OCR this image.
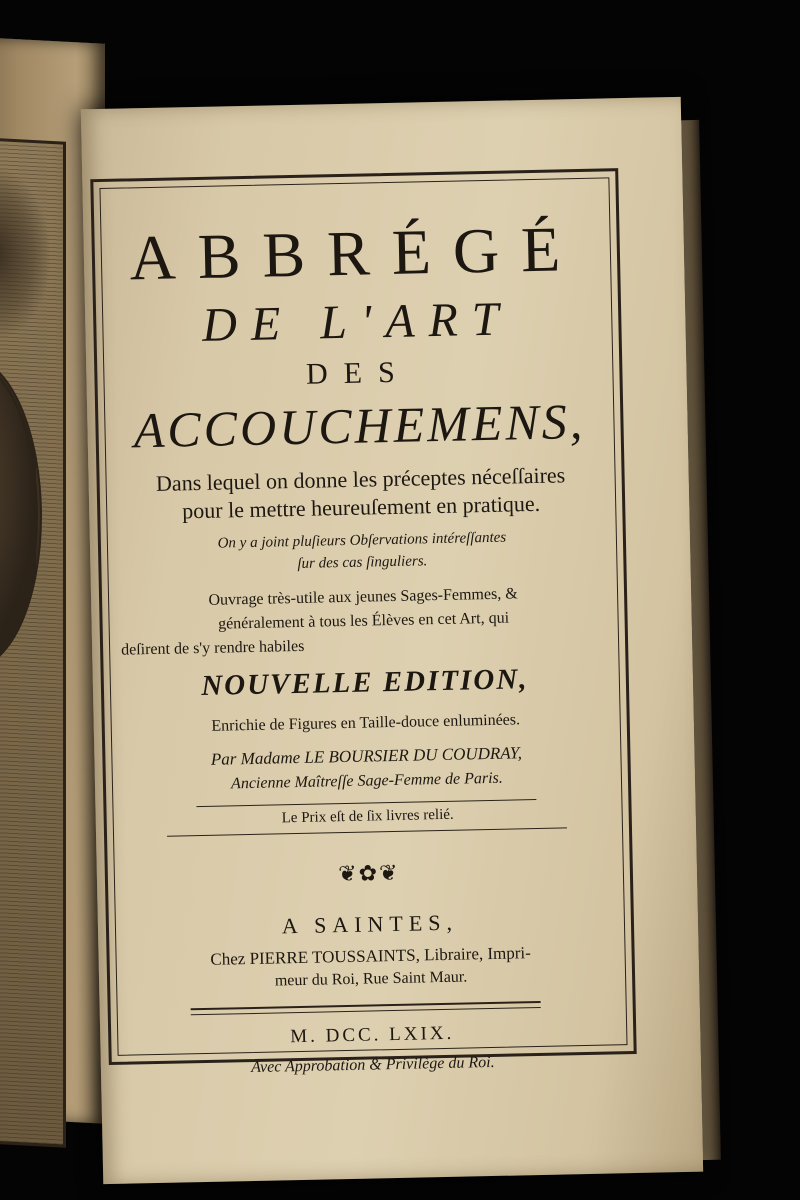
ABBRÉGÉ
DE L'ART
DES
ACCOUCHEMENS,
Dans lequel on donne les préceptes néceſſaires
pour le mettre heureuſement en pratique.
On y a joint pluſieurs Obſervations intéreſſantes
ſur des cas ſinguliers.
Ouvrage très-utile aux jeunes Sages-Femmes, &
généralement à tous les Élèves en cet Art, qui
deſirent de s'y rendre habiles
NOUVELLE EDITION,
Enrichie de Figures en Taille-douce enluminées.
Par Madame LE BOURSIER DU COUDRAY,
Ancienne Maîtreſſe Sage-Femme de Paris.
Le Prix eſt de ſix livres relié.
❦✿❦
A SAINTES,
Chez PIERRE TOUSSAINTS, Libraire, Impri-
meur du Roi, Rue Saint Maur.
M. DCC. LXIX.
Avec Approbation & Privilège du Roi.
